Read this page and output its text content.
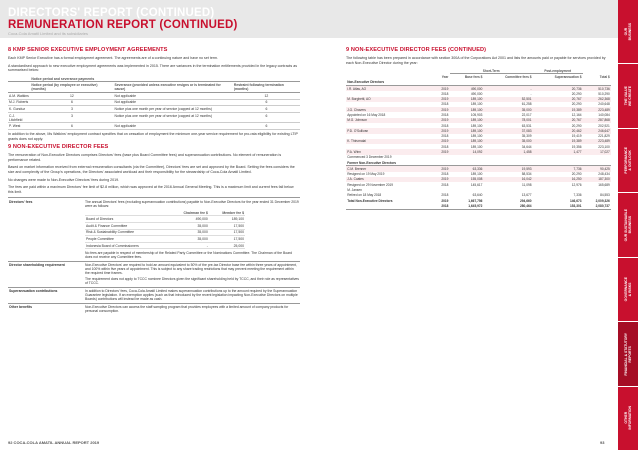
DIRECTORS' REPORT (CONTINUED)
REMUNERATION REPORT (CONTINUED)
Coca-Cola Amatil Limited and its subsidiaries	OUR
BUSINESS
THE VALUE
WE CREATE
PERFORMANCE
& OUTLOOK
OUR SUSTAINABLE
BUSINESS
GOVERNANCE
& RISKS
FINANCIAL & STATUTORY
REPORTS
OTHER
INFORMATION
8 KMP SENIOR EXECUTIVE EMPLOYMENT AGREEMENTS
Each KMP Senior Executive has a formal employment agreement. The agreements are of a continuing nature and have no set term.
A standardised approach to new executive employment agreements was implemented in 2015. There are variances in the termination entitlements provided in the legacy contracts as summarised below:
	Notice period and severance payments		
	Notice period (by employee or executive) (months)	Severance (provided unless executive resigns or is terminated for cause)	Restraint following termination (months)
A.M. Watkins	12	Not applicable	12
M.J. Roberts	6	Not applicable	6
K. Gunduz	3	Notice plus one month per year of service (capped at 12 months)	6
C.J. Litchfield	3	Notice plus one month per year of service (capped at 12 months)	6
P. West	6	Not applicable	6
In addition to the above, Ms Watkins' employment contract specifies that on cessation of employment the minimum one-year service requirement for pro-rata eligibility for existing LTIP grants does not apply.
9 NON-EXECUTIVE DIRECTOR FEES
The remuneration of Non-Executive Directors comprises Directors' fees (base plus Board Committee fees) and superannuation contributions. No element of remuneration is performance related.
Based on market information received from external remuneration consultants (via the Committee), Directors' fees are set and approved by the Board. Setting the fees considers the size and complexity of the Group's operations, the Directors' associated workload and their responsibility for the stewardship of Coca-Cola Amatil Limited.
No changes were made to Non-Executive Directors' fees during 2019.
The fees are paid within a maximum Directors' fee limit of $2.8 million, which was approved at the 2016 Annual General Meeting. This is a maximum limit and current fees fall below this limit.
Directors' fees	The annual Directors' fees (excluding superannuation contributions) payable to Non-Executive Directors for the year ended 31 December 2019 were as follows:
	Chairman fee $	Member fee $
Board of Directors	490,000	189,100
Audit & Finance Committee	35,000	17,500
Risk & Sustainability Committee	35,000	17,500
People Committee	35,000	17,500
Indonesia Board of Commissioners	-	25,000
No fees are payable in respect of membership of the Related Party Committee or the Nominations Committee. The Chairman of the Board does not receive any Committee fees.

Director shareholding requirement	Non-Executive Directors' are required to hold an amount equivalent to 50% of the pre-tax Director base fee within three years of appointment, and 100% within five years of appointment. This is subject to any share trading restrictions that may prevent meeting the requirement within the required time frames.
The requirement does not apply to TCCC nominee Directors given the significant shareholding held by TCCC, and their role as representatives of TCCC.

Superannuation contributions	In addition to Directors' fees, Coca-Cola Amatil Limited makes superannuation contributions up to the amount required by the Superannuation Guarantee legislation. If an exemption applies (such as that introduced by the recent legislation impacting Non-Executive Directors on multiple Boards) contributions will instead be made as cash.
Other benefits	Non-Executive Directors can access the staff sampling program that provides employees with a limited amount of company products for personal consumption.
9 NON-EXECUTIVE DIRECTOR FEES (CONTINUED)
The following table has been prepared in accordance with section 300A of the Corporations Act 2001 and lists the amounts paid or payable for services provided by each Non-Executive Director during the year:
		Short-Term		Post-employment	
	Year	Base fees $	Committee fees $	Superannuation $	Total $
Non-Executive Directors					
I.R. Atlas, AO	2019	490,000	-	20,736	510,736
	2018	490,000	-	20,290	510,290
M. Borghetti, AO	2019	189,100	52,501	20,767	262,368
	2018	189,100	61,258	20,290	240,648
J.G. Chavers	2019	189,100	35,000	19,389	223,489
Appointed on 16 May 2018	2018	105,903	22,017	12,164	140,084
M.G. Johnson	2019	189,100	78,001	20,767	287,868
	2018	189,100	63,531	20,290	202,921
P.D. O'Sullivan	2019	189,100	37,083	20,462	246,647
	2018	189,100	35,309	19,419	221,829
K. Thirumalai	2019	189,100	35,000	19,389	223,489
	2018	189,100	34,644	19,356	223,100
P.A. Winn	2019	14,092	1,458	1,477	17,027
Commenced 3 December 2019					
Former Non-Executive Directors					
C.M. Brenner	2019	63,336	19,593	7,736	90,425
Resigned on 19 May 2019	2018	189,100	58,534	20,290	248,434
J.A. Coates	2019	155,008	16,042	16,250	187,300
Resigned on 29 November 2019	2018	145,617	11,098	12,976	165,689
M. Jansen					
Retired on 18 May 2018	2018	63,640	13,677	7,336	84,553
Total Non-Executive Directors	2019	1,667,756	294,660	146,673	2,009,326
	2018	1,645,972	280,464	153,301	2,080,737
92 COCA-COLA AMATIL ANNUAL REPORT 2019	93
